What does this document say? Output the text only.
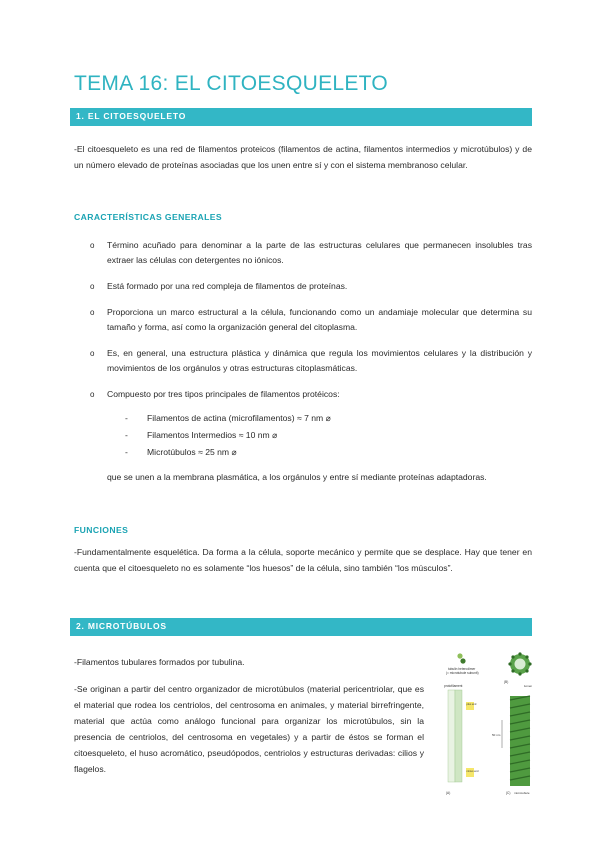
TEMA 16: EL CITOESQUELETO
1. EL CITOESQUELETO
-El citoesqueleto es una red de filamentos proteicos (filamentos de actina, filamentos intermedios y microtúbulos) y de un número elevado de proteínas asociadas que los unen entre sí y con el sistema membranoso celular.
CARACTERÍSTICAS GENERALES
o Término acuñado para denominar a la parte de las estructuras celulares que permanecen insolubles tras extraer las células con detergentes no iónicos.
o Está formado por una red compleja de filamentos de proteínas.
o Proporciona un marco estructural a la célula, funcionando como un andamiaje molecular que determina su tamaño y forma, así como la organización general del citoplasma.
o Es, en general, una estructura plástica y dinámica que regula los movimientos celulares y la distribución y movimientos de los orgánulos y otras estructuras citoplasmáticas.
o Compuesto por tres tipos principales de filamentos protéicos:
- Filamentos de actina (microfilamentos) ≈ 7 nm ⌀
- Filamentos Intermedios ≈ 10 nm ⌀
- Microtúbulos ≈ 25 nm ⌀
que se unen a la membrana plasmática, a los orgánulos y entre sí mediante proteínas adaptadoras.
FUNCIONES
-Fundamentalmente esquelética. Da forma a la célula, soporte mecánico y permite que se desplace. Hay que tener en cuenta que el citoesqueleto no es solamente “los huesos” de la célula, sino también “los músculos”.
2. MICROTÚBULOS
-Filamentos tubulares formados por tubulina.
-Se originan a partir del centro organizador de microtúbulos (material pericentriolar, que es el material que rodea los centriolos, del centrosoma en animales, y material birrefringente, material que actúa como análogo funcional para organizar los microtúbulos, sin la presencia de centriolos, del centrosoma en vegetales) y a partir de éstos se forman el citoesqueleto, el huso acromático, pseudópodos, centriolos y estructuras derivadas: cilios y flagelos.
tubulin heterodimer
(= microtubule subunit)
(B)
lumen
protofilament
plus end
minus end
(A)
50 nm
(C) microtubule
